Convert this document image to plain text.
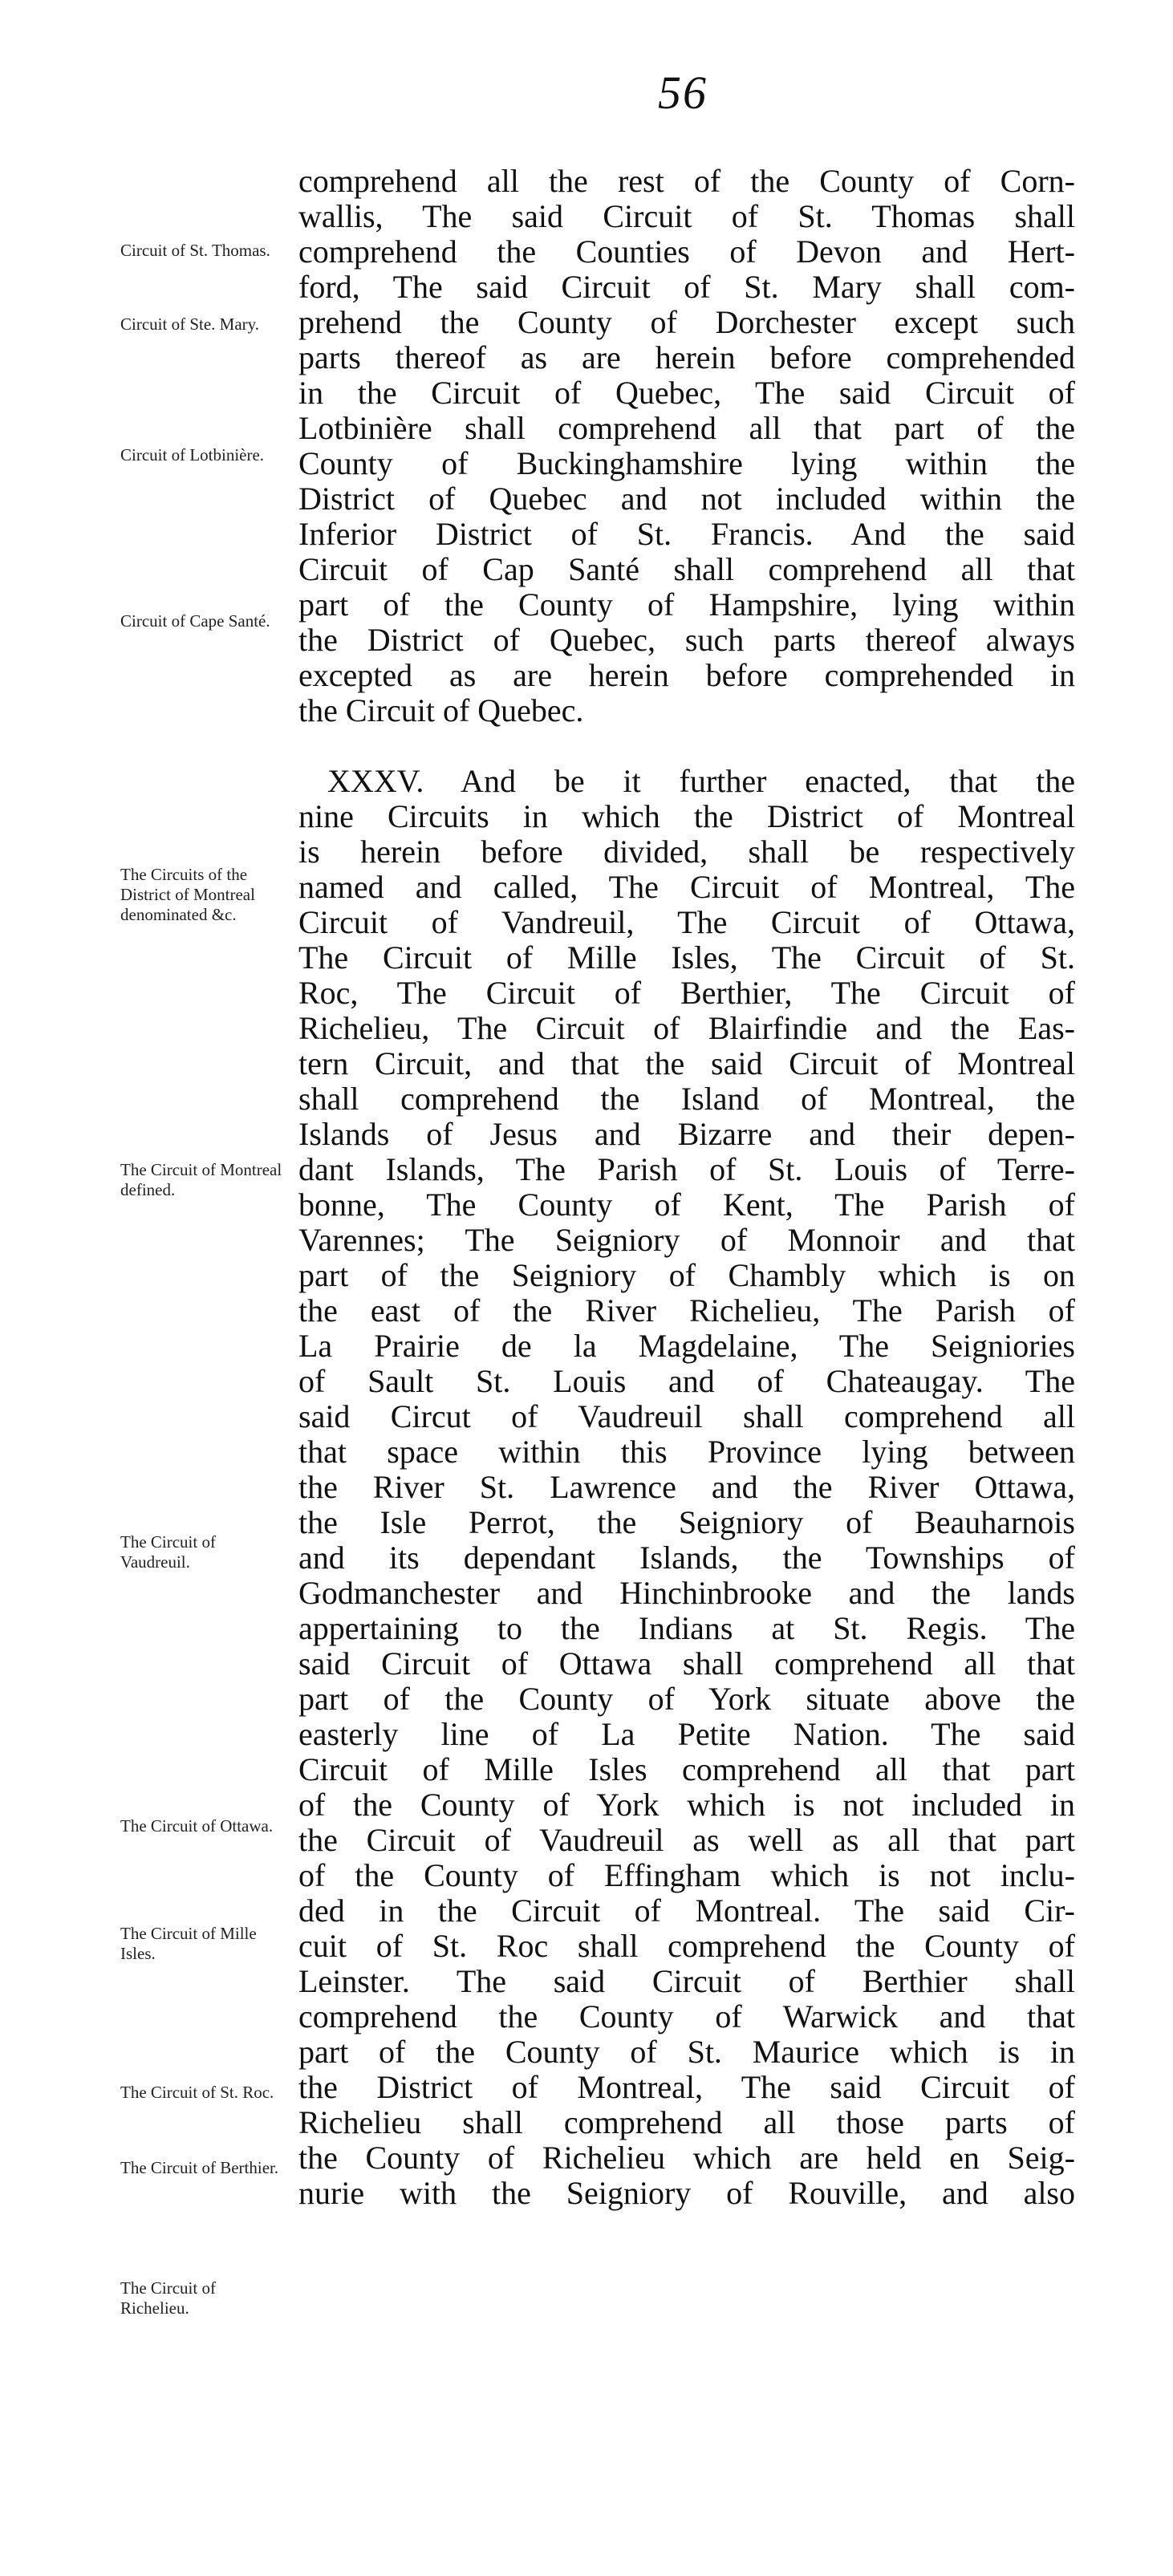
56
comprehend all the rest of the County of Corn-
wallis, The said Circuit of St. Thomas shall
comprehend the Counties of Devon and Hert-
ford, The said Circuit of St. Mary shall com-
prehend the County of Dorchester except such
parts thereof as are herein before comprehended
in the Circuit of Quebec, The said Circuit of
Lotbinière shall comprehend all that part of the
County of Buckinghamshire lying within the
District of Quebec and not included within the
Inferior District of St. Francis. And the said
Circuit of Cap Santé shall comprehend all that
part of the County of Hampshire, lying within
the District of Quebec, such parts thereof always
excepted as are herein before comprehended in
the Circuit of Quebec.
XXXV. And be it further enacted, that the
nine Circuits in which the District of Montreal
is herein before divided, shall be respectively
named and called, The Circuit of Montreal, The
Circuit of Vandreuil, The Circuit of Ottawa,
The Circuit of Mille Isles, The Circuit of St.
Roc, The Circuit of Berthier, The Circuit of
Richelieu, The Circuit of Blairfindie and the Eas-
tern Circuit, and that the said Circuit of Montreal
shall comprehend the Island of Montreal, the
Islands of Jesus and Bizarre and their depen-
dant Islands, The Parish of St. Louis of Terre-
bonne, The County of Kent, The Parish of
Varennes; The Seigniory of Monnoir and that
part of the Seigniory of Chambly which is on
the east of the River Richelieu, The Parish of
La Prairie de la Magdelaine, The Seigniories
of Sault St. Louis and of Chateaugay. The
said Circut of Vaudreuil shall comprehend all
that space within this Province lying between
the River St. Lawrence and the River Ottawa,
the Isle Perrot, the Seigniory of Beauharnois
and its dependant Islands, the Townships of
Godmanchester and Hinchinbrooke and the lands
appertaining to the Indians at St. Regis. The
said Circuit of Ottawa shall comprehend all that
part of the County of York situate above the
easterly line of La Petite Nation. The said
Circuit of Mille Isles comprehend all that part
of the County of York which is not included in
the Circuit of Vaudreuil as well as all that part
of the County of Effingham which is not inclu-
ded in the Circuit of Montreal. The said Cir-
cuit of St. Roc shall comprehend the County of
Leinster. The said Circuit of Berthier shall
comprehend the County of Warwick and that
part of the County of St. Maurice which is in
the District of Montreal, The said Circuit of
Richelieu shall comprehend all those parts of
the County of Richelieu which are held en Seig-
nurie with the Seigniory of Rouville, and also
Circuit of St. Thomas.
Circuit of Ste. Mary.
Circuit of Lotbinière.
Circuit of Cape Santé.
The Circuits of the District of Montreal denominated &c.
The Circuit of Montreal defined.
The Circuit of Vaudreuil.
The Circuit of Ottawa.
The Circuit of Mille Isles.
The Circuit of St. Roc.
The Circuit of Berthier.
The Circuit of Richelieu.
